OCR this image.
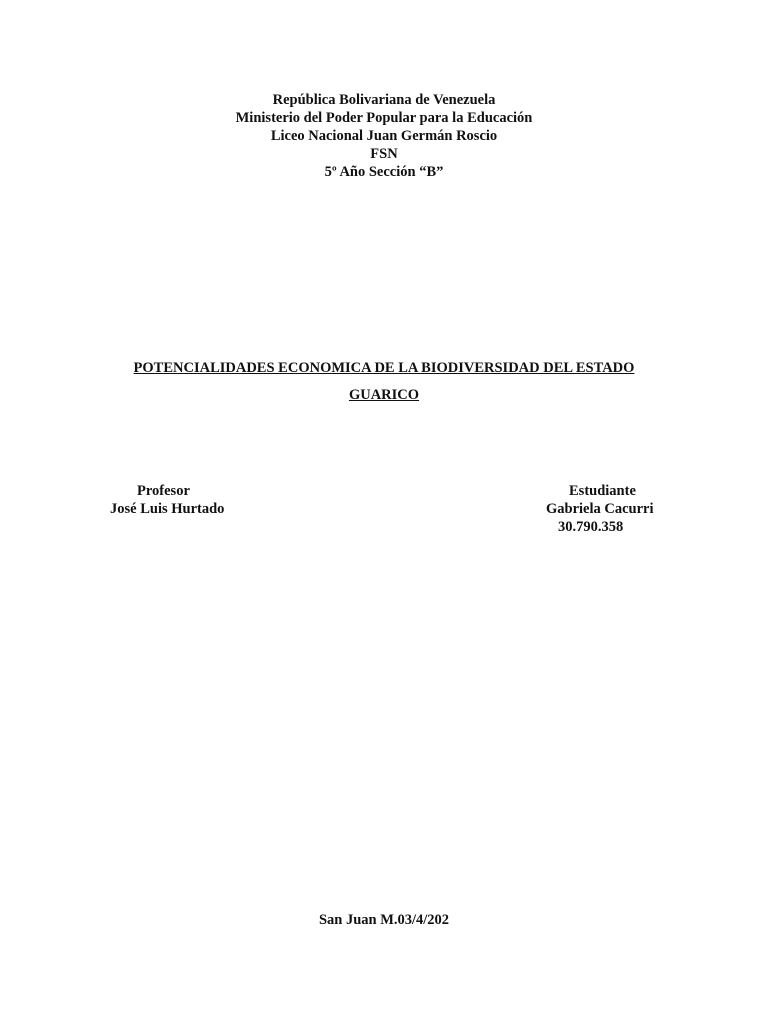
República Bolivariana de Venezuela
Ministerio del Poder Popular para la Educación
Liceo Nacional Juan Germán Roscio
FSN
5º Año Sección “B”
POTENCIALIDADES ECONOMICA DE LA BIODIVERSIDAD DEL ESTADO
GUARICO
Profesor
José Luis Hurtado
Estudiante
Gabriela Cacurri
30.790.358
San Juan M.03/4/202
